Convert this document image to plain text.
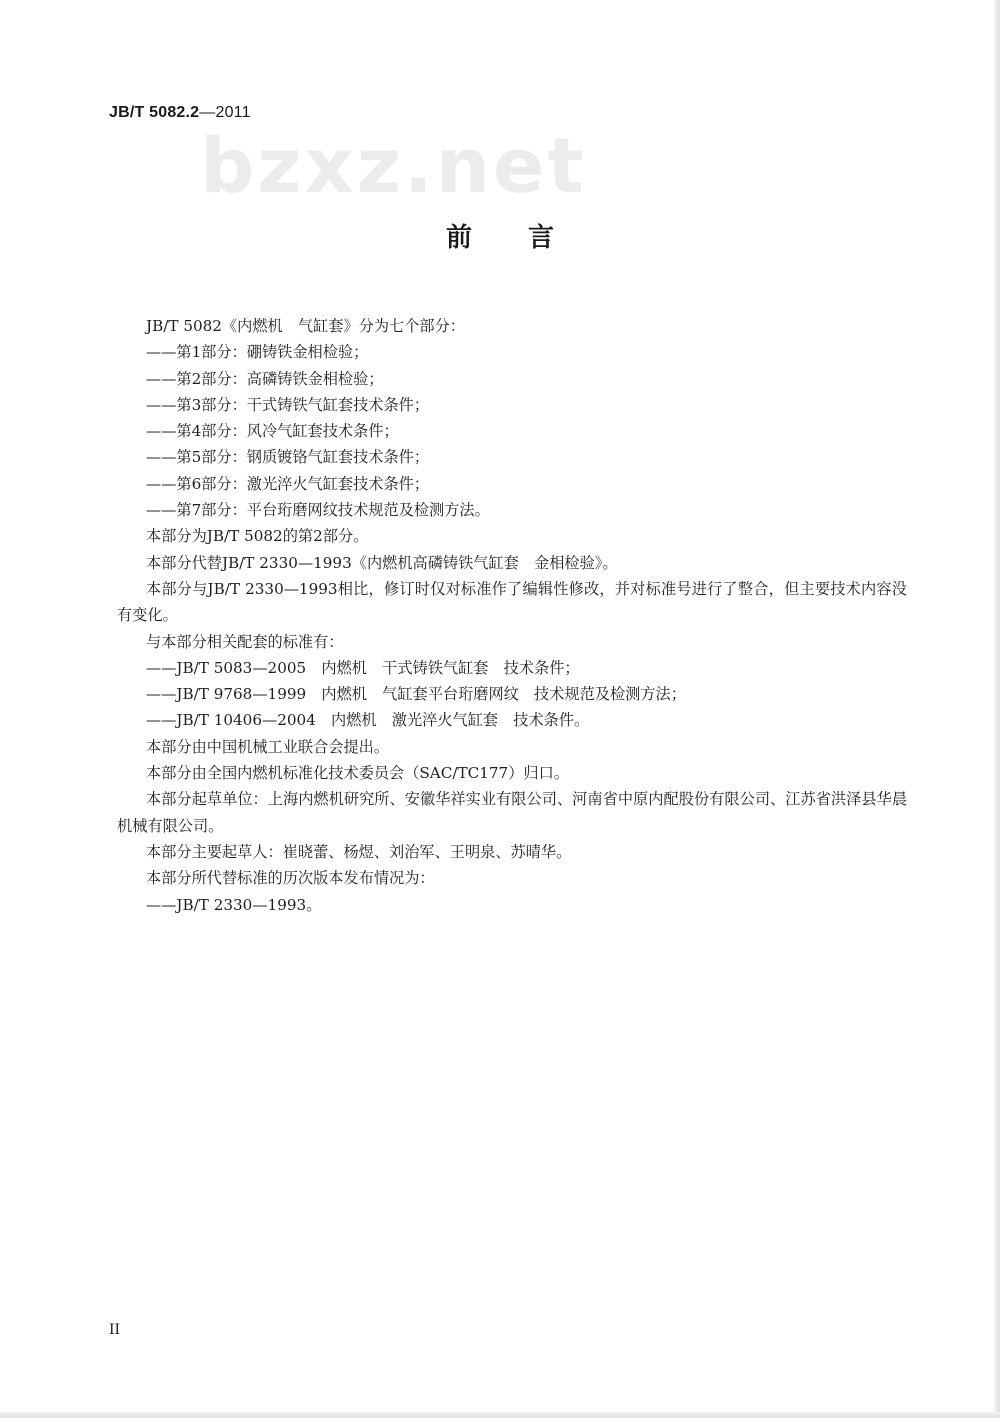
JB/T 5082.2—2011
bzxz.net
前言
JB/T 5082《内燃机　气缸套》分为七个部分：
——第1部分：硼铸铁金相检验；
——第2部分：高磷铸铁金相检验；
——第3部分：干式铸铁气缸套技术条件；
——第4部分：风冷气缸套技术条件；
——第5部分：钢质镀铬气缸套技术条件；
——第6部分：激光淬火气缸套技术条件；
——第7部分：平台珩磨网纹技术规范及检测方法。
本部分为JB/T 5082的第2部分。
本部分代替JB/T 2330—1993《内燃机高磷铸铁气缸套　金相检验》。
本部分与JB/T 2330—1993相比，修订时仅对标准作了编辑性修改，并对标准号进行了整合，但主要技术内容没有变化。
与本部分相关配套的标准有：
——JB/T 5083—2005　内燃机　干式铸铁气缸套　技术条件；
——JB/T 9768—1999　内燃机　气缸套平台珩磨网纹　技术规范及检测方法；
——JB/T 10406—2004　内燃机　激光淬火气缸套　技术条件。
本部分由中国机械工业联合会提出。
本部分由全国内燃机标准化技术委员会（SAC/TC177）归口。
本部分起草单位：上海内燃机研究所、安徽华祥实业有限公司、河南省中原内配股份有限公司、江苏省洪泽县华晨机械有限公司。
本部分主要起草人：崔晓蕾、杨煜、刘治军、王明泉、苏晴华。
本部分所代替标准的历次版本发布情况为：
——JB/T 2330—1993。
II
